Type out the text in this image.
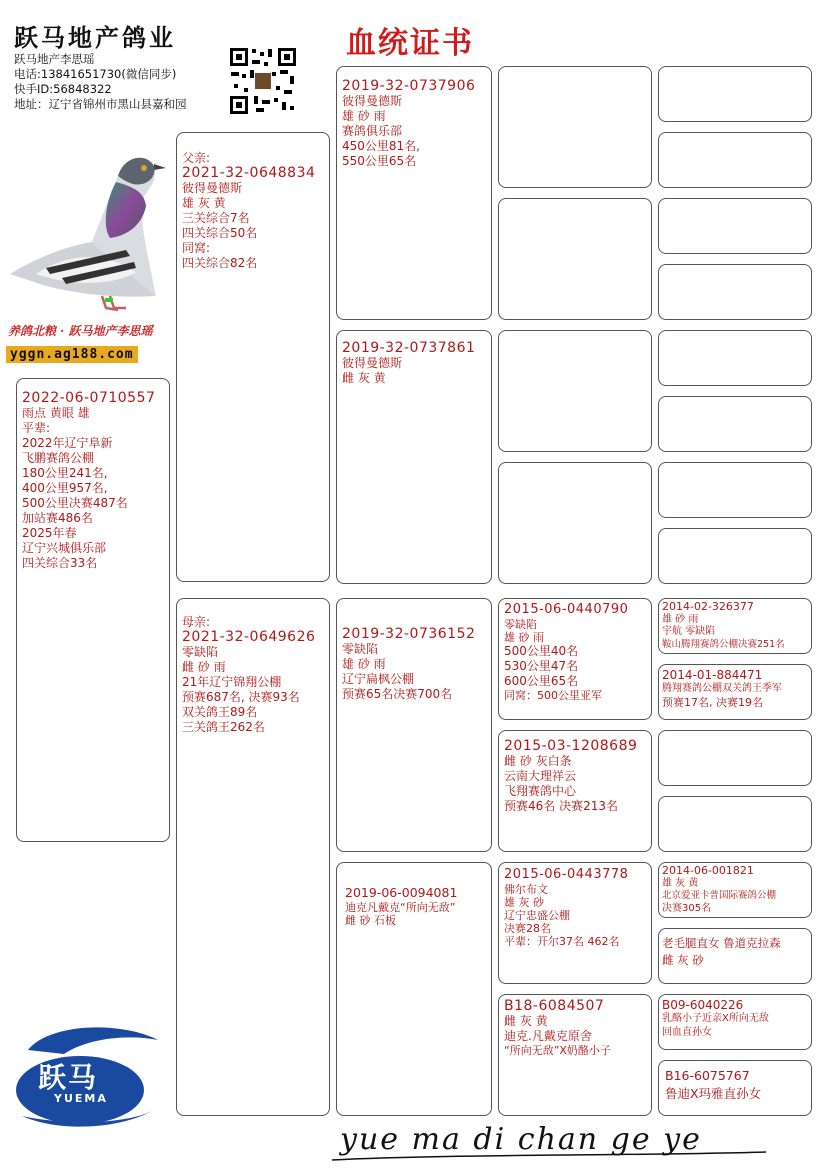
跃马地产鸽业
跃马地产李思瑶
电话:13841651730(微信同步)
快手ID:56848322
地址：辽宁省锦州市黑山县嘉和园
血统证书
养鸽北粮 · 跃马地产李思瑶
yggn.ag188.com
2022-06-0710557
雨点 黄眼 雄
平辈:
2022年辽宁阜新
飞鹏赛鸽公棚
180公里241名,
400公里957名,
500公里决赛487名
加站赛486名
2025年春
辽宁兴城俱乐部
四关综合33名
父亲:
2021-32-0648834
彼得曼德斯
雄 灰 黄
三关综合7名
四关综合50名
同窝:
四关综合82名
母亲:
2021-32-0649626
零缺陷
雌 砂 雨
21年辽宁锦翔公棚
预赛687名, 决赛93名
双关鸽王89名
三关鸽王262名
2019-32-0737906
彼得曼德斯
雄 砂 雨
赛鸽俱乐部
450公里81名,
550公里65名
2019-32-0737861
彼得曼德斯
雌 灰 黄
2019-32-0736152
零缺陷
雄 砂 雨
辽宁扁枫公棚
预赛65名决赛700名
2019-06-0094081
迪克凡戴克“所向无敌”
雌 砂 石板
2015-06-0440790
零缺陷
雄 砂 雨
500公里40名
530公里47名
600公里65名
同窝：500公里亚军
2015-03-1208689
雌 砂 灰白条
云南大理祥云
飞翔赛鸽中心
预赛46名 决赛213名
2015-06-0443778
佛尔布文
雄 灰 砂
辽宁忠盛公棚
决赛28名
平辈：开尔37名 462名
B18-6084507
雌 灰 黄
迪克.凡戴克原舍
“所向无敌”X奶酪小子
2014-02-326377
雄 砂 雨
宇航 零缺陷
鞍山腾翔赛鸽公棚决赛251名
2014-01-884471
腾翔赛鸽公棚双关鸽王季军
预赛17名, 决赛19名
2014-06-001821
雄 灰 黄
北京爱亚卡普国际赛鸽公棚
决赛305名
老毛腿直女 鲁道克拉森
雌 灰 砂
B09-6040226
乳酪小子近亲X所向无敌
回血直孙女
B16-6075767
鲁迪X玛雅直孙女
跃马
YUEMA
yue ma di chan ge ye
